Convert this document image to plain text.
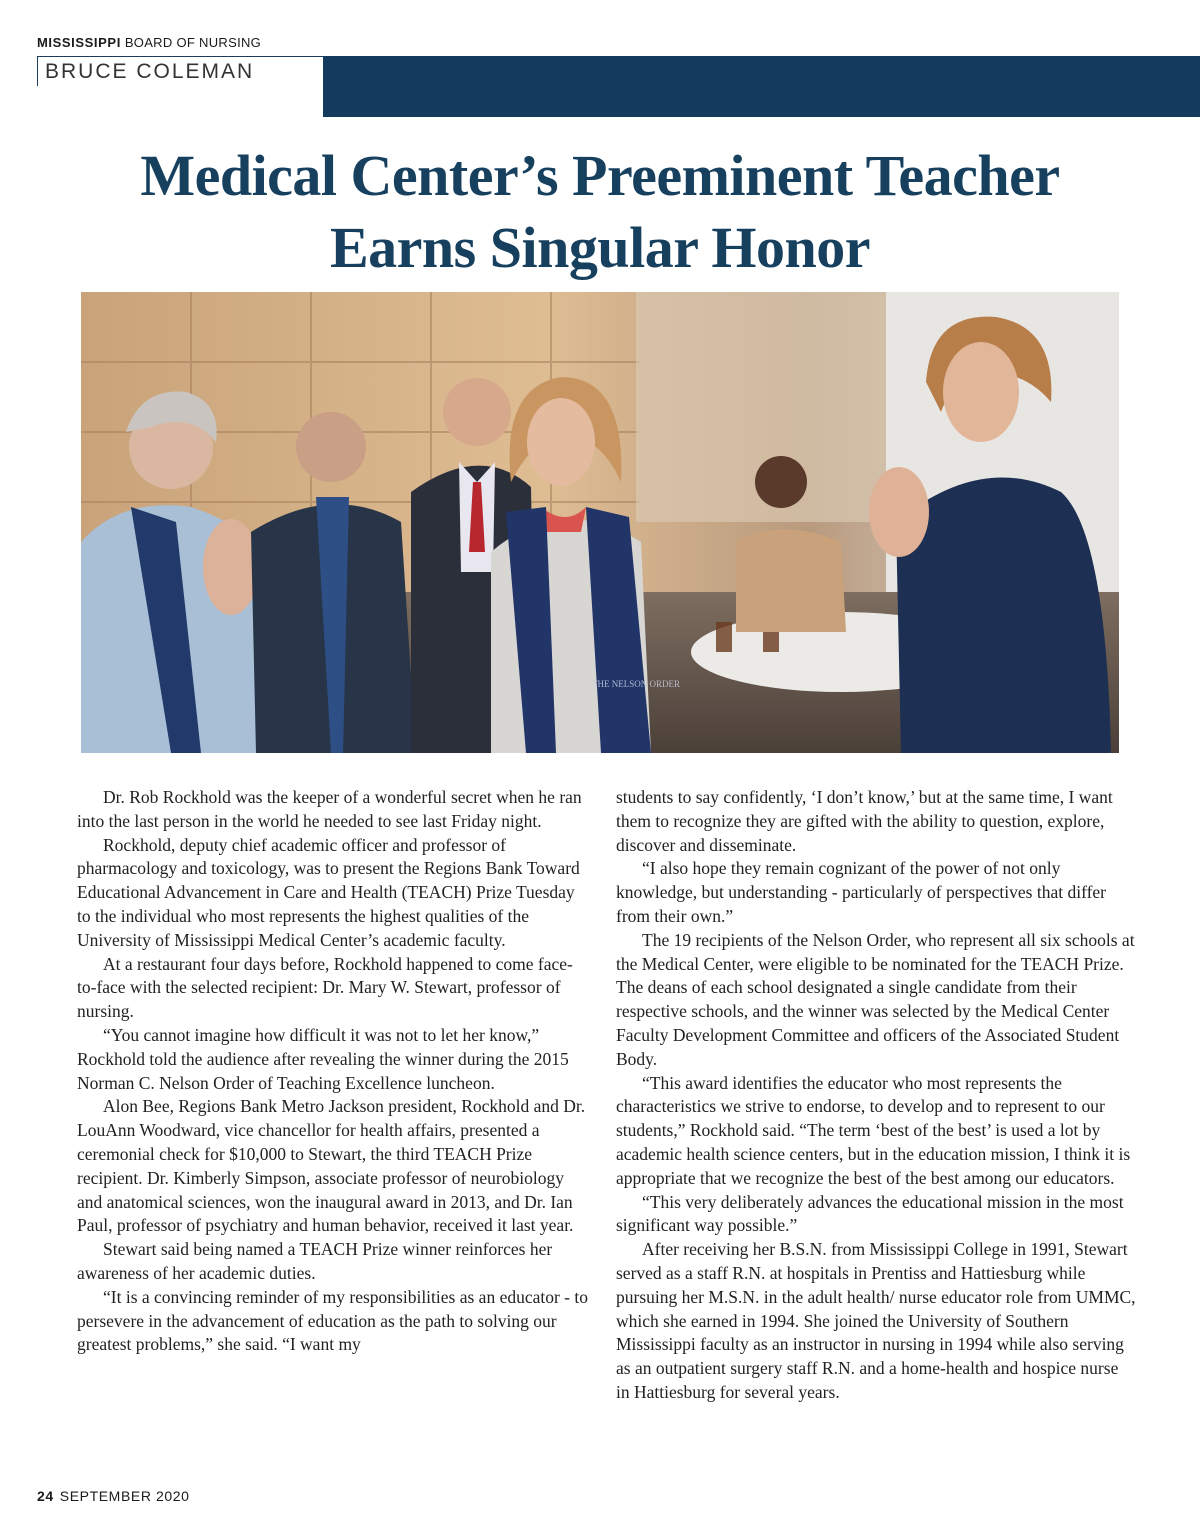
MISSISSIPPI BOARD OF NURSING
BRUCE COLEMAN
Medical Center’s Preeminent Teacher
Earns Singular Honor
THE NELSON ORDER

Dr. Rob Rockhold was the keeper of a wonderful secret when he ran into the last person in the world he needed to see last Friday night.

Rockhold, deputy chief academic officer and professor of pharmacology and toxicology, was to present the Regions Bank Toward Educational Advancement in Care and Health (TEACH) Prize Tuesday to the individual who most represents the highest qualities of the University of Mississippi Medical Center’s academic faculty.

At a restaurant four days before, Rockhold happened to come face-to-face with the selected recipient: Dr. Mary W. Stewart, professor of nursing.

“You cannot imagine how difficult it was not to let her know,” Rockhold told the audience after revealing the winner during the 2015 Norman C. Nelson Order of Teaching Excellence luncheon.

Alon Bee, Regions Bank Metro Jackson president, Rockhold and Dr. LouAnn Woodward, vice chancellor for health affairs, presented a ceremonial check for $10,000 to Stewart, the third TEACH Prize recipient. Dr. Kimberly Simpson, associate professor of neurobiology and anatomical sciences, won the inaugural award in 2013, and Dr. Ian Paul, professor of psychiatry and human behavior, received it last year.

Stewart said being named a TEACH Prize winner reinforces her awareness of her academic duties.

“It is a convincing reminder of my responsibilities as an educator - to persevere in the advancement of education as the path to solving our greatest problems,” she said. “I want my

students to say confidently, ‘I don’t know,’ but at the same time, I want them to recognize they are gifted with the ability to question, explore, discover and disseminate.

“I also hope they remain cognizant of the power of not only knowledge, but understanding - particularly of perspectives that differ from their own.”

The 19 recipients of the Nelson Order, who represent all six schools at the Medical Center, were eligible to be nominated for the TEACH Prize. The deans of each school designated a single candidate from their respective schools, and the winner was selected by the Medical Center Faculty Development Committee and officers of the Associated Student Body.

“This award identifies the educator who most represents the characteristics we strive to endorse, to develop and to represent to our students,” Rockhold said. “The term ‘best of the best’ is used a lot by academic health science centers, but in the education mission, I think it is appropriate that we recognize the best of the best among our educators.

“This very deliberately advances the educational mission in the most significant way possible.”

After receiving her B.S.N. from Mississippi College in 1991, Stewart served as a staff R.N. at hospitals in Prentiss and Hattiesburg while pursuing her M.S.N. in the adult health/ nurse educator role from UMMC, which she earned in 1994. She joined the University of Southern Mississippi faculty as an instructor in nursing in 1994 while also serving as an outpatient surgery staff R.N. and a home-health and hospice nurse in Hattiesburg for several years.

24 SEPTEMBER 2020
